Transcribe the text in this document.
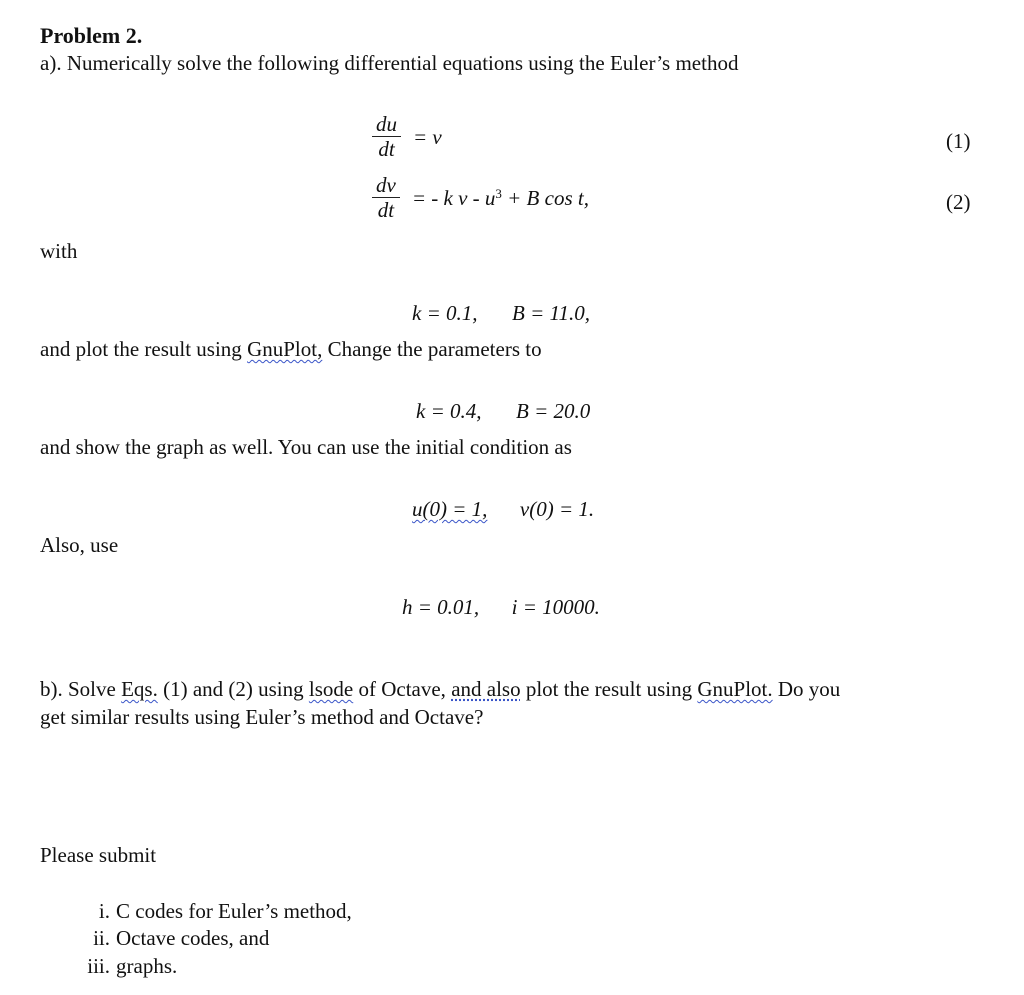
Problem 2.
a). Numerically solve the following differential equations using the Euler’s method
$\frac{du}{dt} = v$	(1)
$\frac{dv}{dt}$ = - k $v - u^3 + B$ cos t,	(2)
with
k = 0.1, B = 11.0,
and plot the result using GnuPlot, Change the parameters to
k = 0.4, B = 20.0
and show the graph as well. You can use the initial condition as
u(0) = 1, v(0) = 1.
Also, use
h = 0.01, i = 10000.
b). Solve Eqs. (1) and (2) using lsode of Octave, and also plot the result using GnuPlot. Do you
get similar results using Euler’s method and Octave?
Please submit
i. C codes for Euler’s method,
ii. Octave codes, and
iii. graphs.
